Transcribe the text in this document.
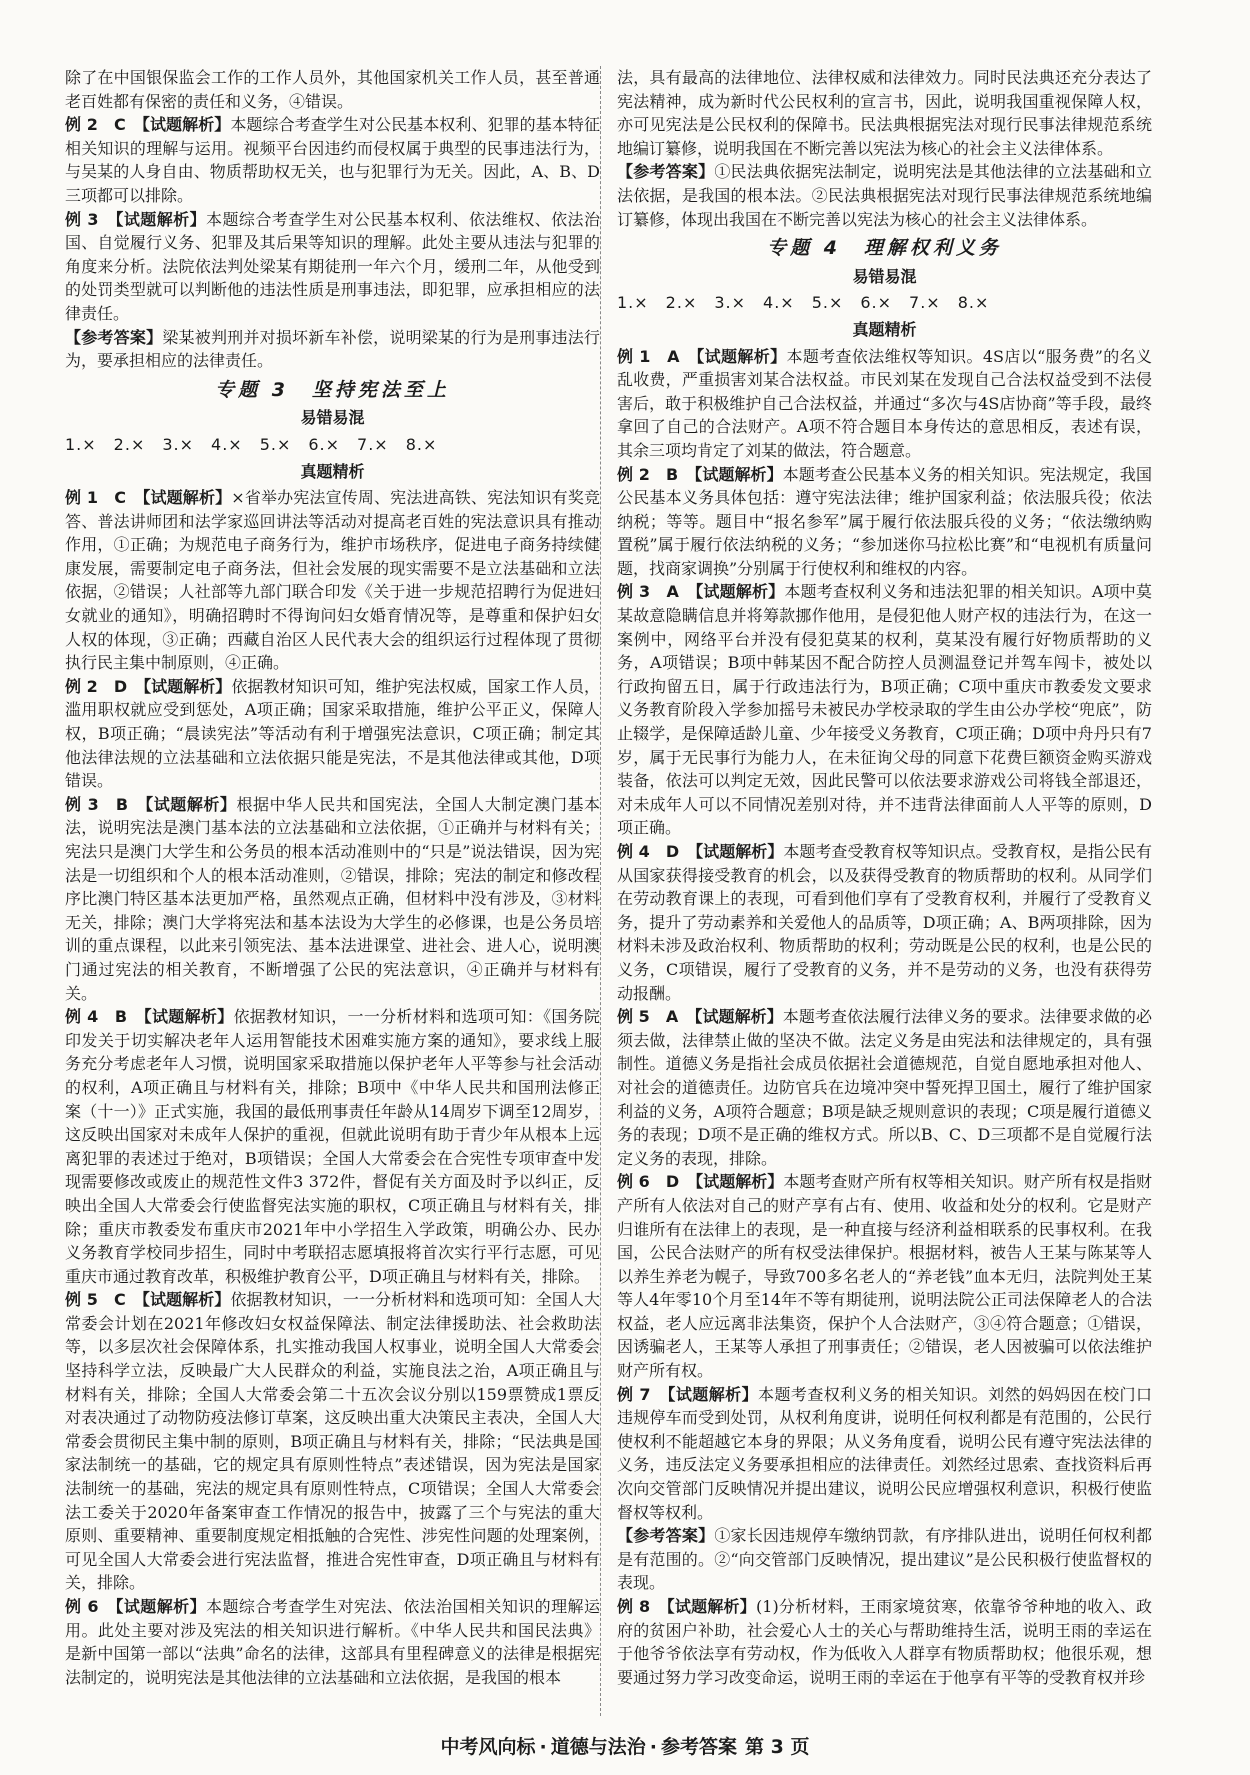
除了在中国银保监会工作的工作人员外，其他国家机关工作人员，甚至普通老百姓都有保密的责任和义务，④错误。

例 2　C　【试题解析】本题综合考查学生对公民基本权利、犯罪的基本特征相关知识的理解与运用。视频平台因违约而侵权属于典型的民事违法行为，与吴某的人身自由、物质帮助权无关，也与犯罪行为无关。因此，A、B、D三项都可以排除。

例 3　【试题解析】本题综合考查学生对公民基本权利、依法维权、依法治国、自觉履行义务、犯罪及其后果等知识的理解。此处主要从违法与犯罪的角度来分析。法院依法判处梁某有期徒刑一年六个月，缓刑二年，从他受到的处罚类型就可以判断他的违法性质是刑事违法，即犯罪，应承担相应的法律责任。

【参考答案】梁某被判刑并对损坏新车补偿，说明梁某的行为是刑事违法行为，要承担相应的法律责任。

专题 3　坚持宪法至上
易错易混
1.×　2.×　3.×　4.×　5.×　6.×　7.×　8.×
真题精析

例 1　C　【试题解析】×省举办宪法宣传周、宪法进高铁、宪法知识有奖竞答、普法讲师团和法学家巡回讲法等活动对提高老百姓的宪法意识具有推动作用，①正确；为规范电子商务行为，维护市场秩序，促进电子商务持续健康发展，需要制定电子商务法，但社会发展的现实需要不是立法基础和立法依据，②错误；人社部等九部门联合印发《关于进一步规范招聘行为促进妇女就业的通知》，明确招聘时不得询问妇女婚育情况等，是尊重和保护妇女人权的体现，③正确；西藏自治区人民代表大会的组织运行过程体现了贯彻执行民主集中制原则，④正确。

例 2　D　【试题解析】依据教材知识可知，维护宪法权威，国家工作人员，滥用职权就应受到惩处，A项正确；国家采取措施，维护公平正义，保障人权，B项正确；“晨读宪法”等活动有利于增强宪法意识，C项正确；制定其他法律法规的立法基础和立法依据只能是宪法，不是其他法律或其他，D项错误。

例 3　B　【试题解析】根据中华人民共和国宪法，全国人大制定澳门基本法，说明宪法是澳门基本法的立法基础和立法依据，①正确并与材料有关；宪法只是澳门大学生和公务员的根本活动准则中的“只是”说法错误，因为宪法是一切组织和个人的根本活动准则，②错误，排除；宪法的制定和修改程序比澳门特区基本法更加严格，虽然观点正确，但材料中没有涉及，③材料无关，排除；澳门大学将宪法和基本法设为大学生的必修课，也是公务员培训的重点课程，以此来引领宪法、基本法进课堂、进社会、进人心，说明澳门通过宪法的相关教育，不断增强了公民的宪法意识，④正确并与材料有关。

例 4　B　【试题解析】依据教材知识，一一分析材料和选项可知：《国务院印发关于切实解决老年人运用智能技术困难实施方案的通知》，要求线上服务充分考虑老年人习惯，说明国家采取措施以保护老年人平等参与社会活动的权利，A项正确且与材料有关，排除；B项中《中华人民共和国刑法修正案（十一）》正式实施，我国的最低刑事责任年龄从14周岁下调至12周岁，这反映出国家对未成年人保护的重视，但就此说明有助于青少年从根本上远离犯罪的表述过于绝对，B项错误；全国人大常委会在合宪性专项审查中发现需要修改或废止的规范性文件3 372件，督促有关方面及时予以纠正，反映出全国人大常委会行使监督宪法实施的职权，C项正确且与材料有关，排除；重庆市教委发布重庆市2021年中小学招生入学政策，明确公办、民办义务教育学校同步招生，同时中考联招志愿填报将首次实行平行志愿，可见重庆市通过教育改革，积极维护教育公平，D项正确且与材料有关，排除。

例 5　C　【试题解析】依据教材知识，一一分析材料和选项可知：全国人大常委会计划在2021年修改妇女权益保障法、制定法律援助法、社会救助法等，以多层次社会保障体系，扎实推动我国人权事业，说明全国人大常委会坚持科学立法，反映最广大人民群众的利益，实施良法之治，A项正确且与材料有关，排除；全国人大常委会第二十五次会议分别以159票赞成1票反对表决通过了动物防疫法修订草案，这反映出重大决策民主表决，全国人大常委会贯彻民主集中制的原则，B项正确且与材料有关，排除；“民法典是国家法制统一的基础，它的规定具有原则性特点”表述错误，因为宪法是国家法制统一的基础，宪法的规定具有原则性特点，C项错误；全国人大常委会法工委关于2020年备案审查工作情况的报告中，披露了三个与宪法的重大原则、重要精神、重要制度规定相抵触的合宪性、涉宪性问题的处理案例，可见全国人大常委会进行宪法监督，推进合宪性审查，D项正确且与材料有关，排除。

例 6　【试题解析】本题综合考查学生对宪法、依法治国相关知识的理解运用。此处主要对涉及宪法的相关知识进行解析。《中华人民共和国民法典》是新中国第一部以“法典”命名的法律，这部具有里程碑意义的法律是根据宪法制定的，说明宪法是其他法律的立法基础和立法依据，是我国的根本

法，具有最高的法律地位、法律权威和法律效力。同时民法典还充分表达了宪法精神，成为新时代公民权利的宣言书，因此，说明我国重视保障人权，亦可见宪法是公民权利的保障书。民法典根据宪法对现行民事法律规范系统地编订纂修，说明我国在不断完善以宪法为核心的社会主义法律体系。

【参考答案】①民法典依据宪法制定，说明宪法是其他法律的立法基础和立法依据，是我国的根本法。②民法典根据宪法对现行民事法律规范系统地编订纂修，体现出我国在不断完善以宪法为核心的社会主义法律体系。

专题 4　理解权利义务
易错易混
1.×　2.×　3.×　4.×　5.×　6.×　7.×　8.×
真题精析

例 1　A　【试题解析】本题考查依法维权等知识。4S店以“服务费”的名义乱收费，严重损害刘某合法权益。市民刘某在发现自己合法权益受到不法侵害后，敢于积极维护自己合法权益，并通过“多次与4S店协商”等手段，最终拿回了自己的合法财产。A项不符合题目本身传达的意思相反，表述有误，其余三项均肯定了刘某的做法，符合题意。

例 2　B　【试题解析】本题考查公民基本义务的相关知识。宪法规定，我国公民基本义务具体包括：遵守宪法法律；维护国家利益；依法服兵役；依法纳税；等等。题目中“报名参军”属于履行依法服兵役的义务；“依法缴纳购置税”属于履行依法纳税的义务；“参加迷你马拉松比赛”和“电视机有质量问题，找商家调换”分别属于行使权利和维权的内容。

例 3　A　【试题解析】本题考查权利义务和违法犯罪的相关知识。A项中莫某故意隐瞒信息并将筹款挪作他用，是侵犯他人财产权的违法行为，在这一案例中，网络平台并没有侵犯莫某的权利，莫某没有履行好物质帮助的义务，A项错误；B项中韩某因不配合防控人员测温登记并驾车闯卡，被处以行政拘留五日，属于行政违法行为，B项正确；C项中重庆市教委发文要求义务教育阶段入学参加摇号未被民办学校录取的学生由公办学校“兜底”，防止辍学，是保障适龄儿童、少年接受义务教育，C项正确；D项中舟丹只有7岁，属于无民事行为能力人，在未征询父母的同意下花费巨额资金购买游戏装备，依法可以判定无效，因此民警可以依法要求游戏公司将钱全部退还，对未成年人可以不同情况差别对待，并不违背法律面前人人平等的原则，D项正确。

例 4　D　【试题解析】本题考查受教育权等知识点。受教育权，是指公民有从国家获得接受教育的机会，以及获得受教育的物质帮助的权利。从同学们在劳动教育课上的表现，可看到他们享有了受教育权利，并履行了受教育义务，提升了劳动素养和关爱他人的品质等，D项正确；A、B两项排除，因为材料未涉及政治权利、物质帮助的权利；劳动既是公民的权利，也是公民的义务，C项错误，履行了受教育的义务，并不是劳动的义务，也没有获得劳动报酬。

例 5　A　【试题解析】本题考查依法履行法律义务的要求。法律要求做的必须去做，法律禁止做的坚决不做。法定义务是由宪法和法律规定的，具有强制性。道德义务是指社会成员依据社会道德规范，自觉自愿地承担对他人、对社会的道德责任。边防官兵在边境冲突中誓死捍卫国土，履行了维护国家利益的义务，A项符合题意；B项是缺乏规则意识的表现；C项是履行道德义务的表现；D项不是正确的维权方式。所以B、C、D三项都不是自觉履行法定义务的表现，排除。

例 6　D　【试题解析】本题考查财产所有权等相关知识。财产所有权是指财产所有人依法对自己的财产享有占有、使用、收益和处分的权利。它是财产归谁所有在法律上的表现，是一种直接与经济利益相联系的民事权利。在我国，公民合法财产的所有权受法律保护。根据材料，被告人王某与陈某等人以养生养老为幌子，导致700多名老人的“养老钱”血本无归，法院判处王某等人4年零10个月至14年不等有期徒刑，说明法院公正司法保障老人的合法权益，老人应远离非法集资，保护个人合法财产，③④符合题意；①错误，因诱骗老人，王某等人承担了刑事责任；②错误，老人因被骗可以依法维护财产所有权。

例 7　【试题解析】本题考查权利义务的相关知识。刘然的妈妈因在校门口违规停车而受到处罚，从权利角度讲，说明任何权利都是有范围的，公民行使权利不能超越它本身的界限；从义务角度看，说明公民有遵守宪法法律的义务，违反法定义务要承担相应的法律责任。刘然经过思索、查找资料后再次向交管部门反映情况并提出建议，说明公民应增强权利意识，积极行使监督权等权利。

【参考答案】①家长因违规停车缴纳罚款，有序排队进出，说明任何权利都是有范围的。②“向交管部门反映情况，提出建议”是公民积极行使监督权的表现。

例 8　【试题解析】(1)分析材料，王雨家境贫寒，依靠爷爷种地的收入、政府的贫困户补助，社会爱心人士的关心与帮助维持生活，说明王雨的幸运在于他爷爷依法享有劳动权，作为低收入人群享有物质帮助权；他很乐观，想要通过努力学习改变命运，说明王雨的幸运在于他享有平等的受教育权并珍

中考风向标 · 道德与法治 · 参考答案 第 3 页
